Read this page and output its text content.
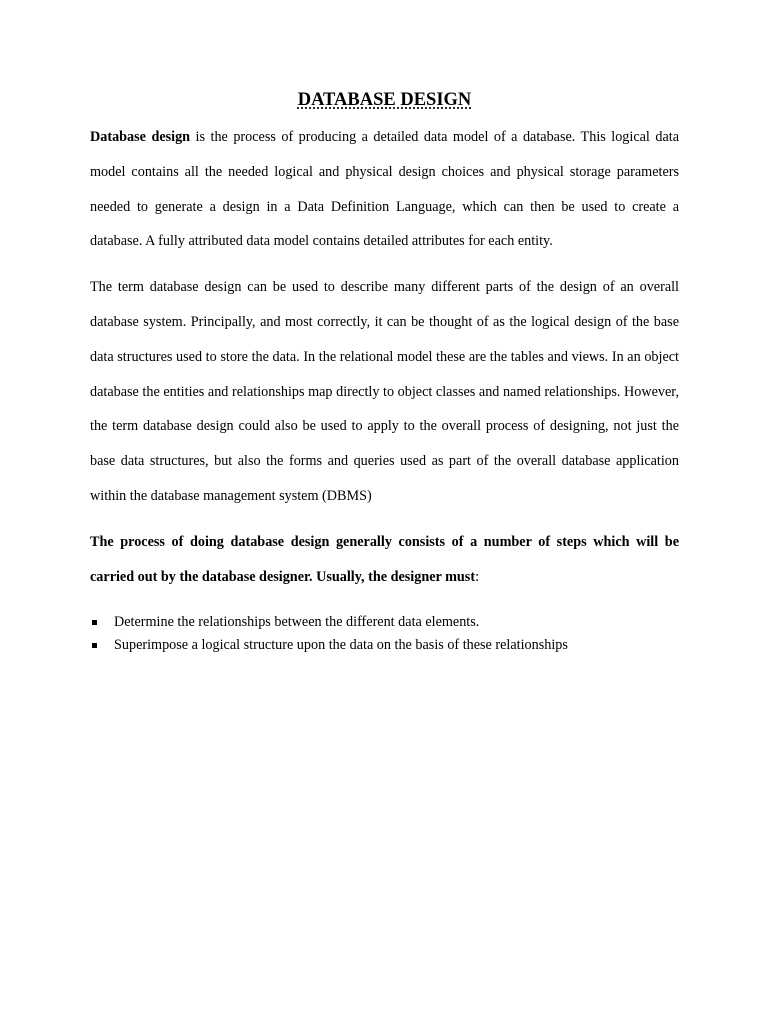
DATABASE DESIGN

Database design is the process of producing a detailed data model of a database. This logical data model contains all the needed logical and physical design choices and physical storage parameters needed to generate a design in a Data Definition Language, which can then be used to create a database. A fully attributed data model contains detailed attributes for each entity.

The term database design can be used to describe many different parts of the design of an overall database system. Principally, and most correctly, it can be thought of as the logical design of the base data structures used to store the data. In the relational model these are the tables and views. In an object database the entities and relationships map directly to object classes and named relationships. However, the term database design could also be used to apply to the overall process of designing, not just the base data structures, but also the forms and queries used as part of the overall database application within the database management system (DBMS)

The process of doing database design generally consists of a number of steps which will be carried out by the database designer. Usually, the designer must:

Determine the relationships between the different data elements.
Superimpose a logical structure upon the data on the basis of these relationships
